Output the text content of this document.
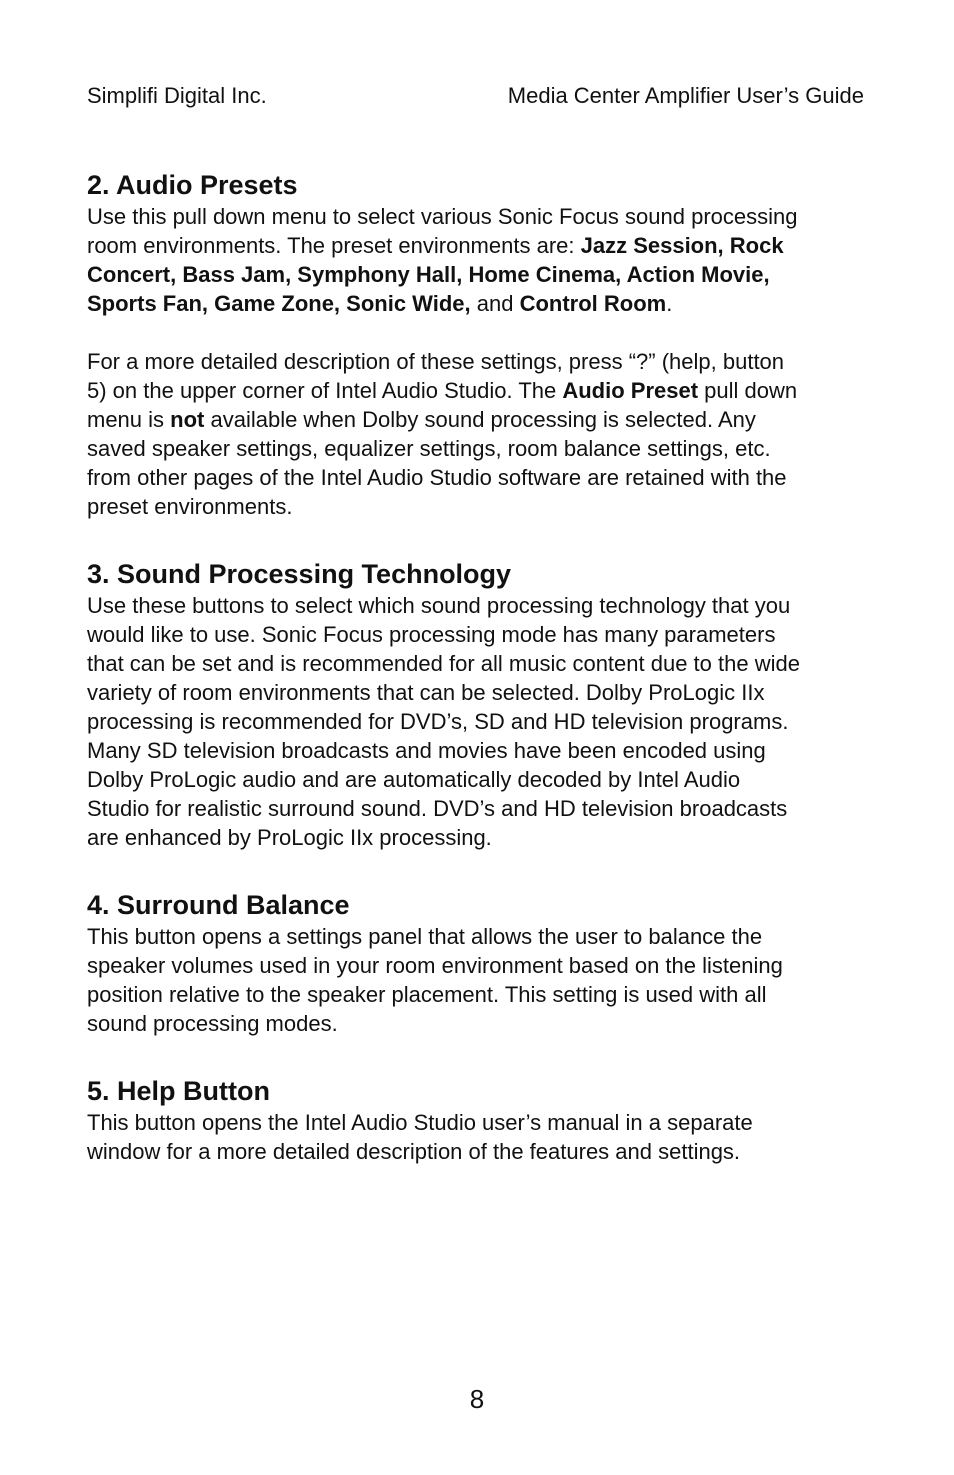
Simplifi Digital Inc.	Media Center Amplifier User’s Guide
2. Audio Presets

Use this pull down menu to select various Sonic Focus sound processing
room environments. The preset environments are: Jazz Session, Rock
Concert, Bass Jam, Symphony Hall, Home Cinema, Action Movie,
Sports Fan, Game Zone, Sonic Wide, and Control Room.

For a more detailed description of these settings, press “?” (help, button
5) on the upper corner of Intel Audio Studio. The Audio Preset pull down
menu is not available when Dolby sound processing is selected. Any
saved speaker settings, equalizer settings, room balance settings, etc.
from other pages of the Intel Audio Studio software are retained with the
preset environments.

3. Sound Processing Technology

Use these buttons to select which sound processing technology that you
would like to use. Sonic Focus processing mode has many parameters
that can be set and is recommended for all music content due to the wide
variety of room environments that can be selected. Dolby ProLogic IIx
processing is recommended for DVD’s, SD and HD television programs.
Many SD television broadcasts and movies have been encoded using
Dolby ProLogic audio and are automatically decoded by Intel Audio
Studio for realistic surround sound. DVD’s and HD television broadcasts
are enhanced by ProLogic IIx processing.

4. Surround Balance

This button opens a settings panel that allows the user to balance the
speaker volumes used in your room environment based on the listening
position relative to the speaker placement. This setting is used with all
sound processing modes.

5. Help Button

This button opens the Intel Audio Studio user’s manual in a separate
window for a more detailed description of the features and settings.

8
